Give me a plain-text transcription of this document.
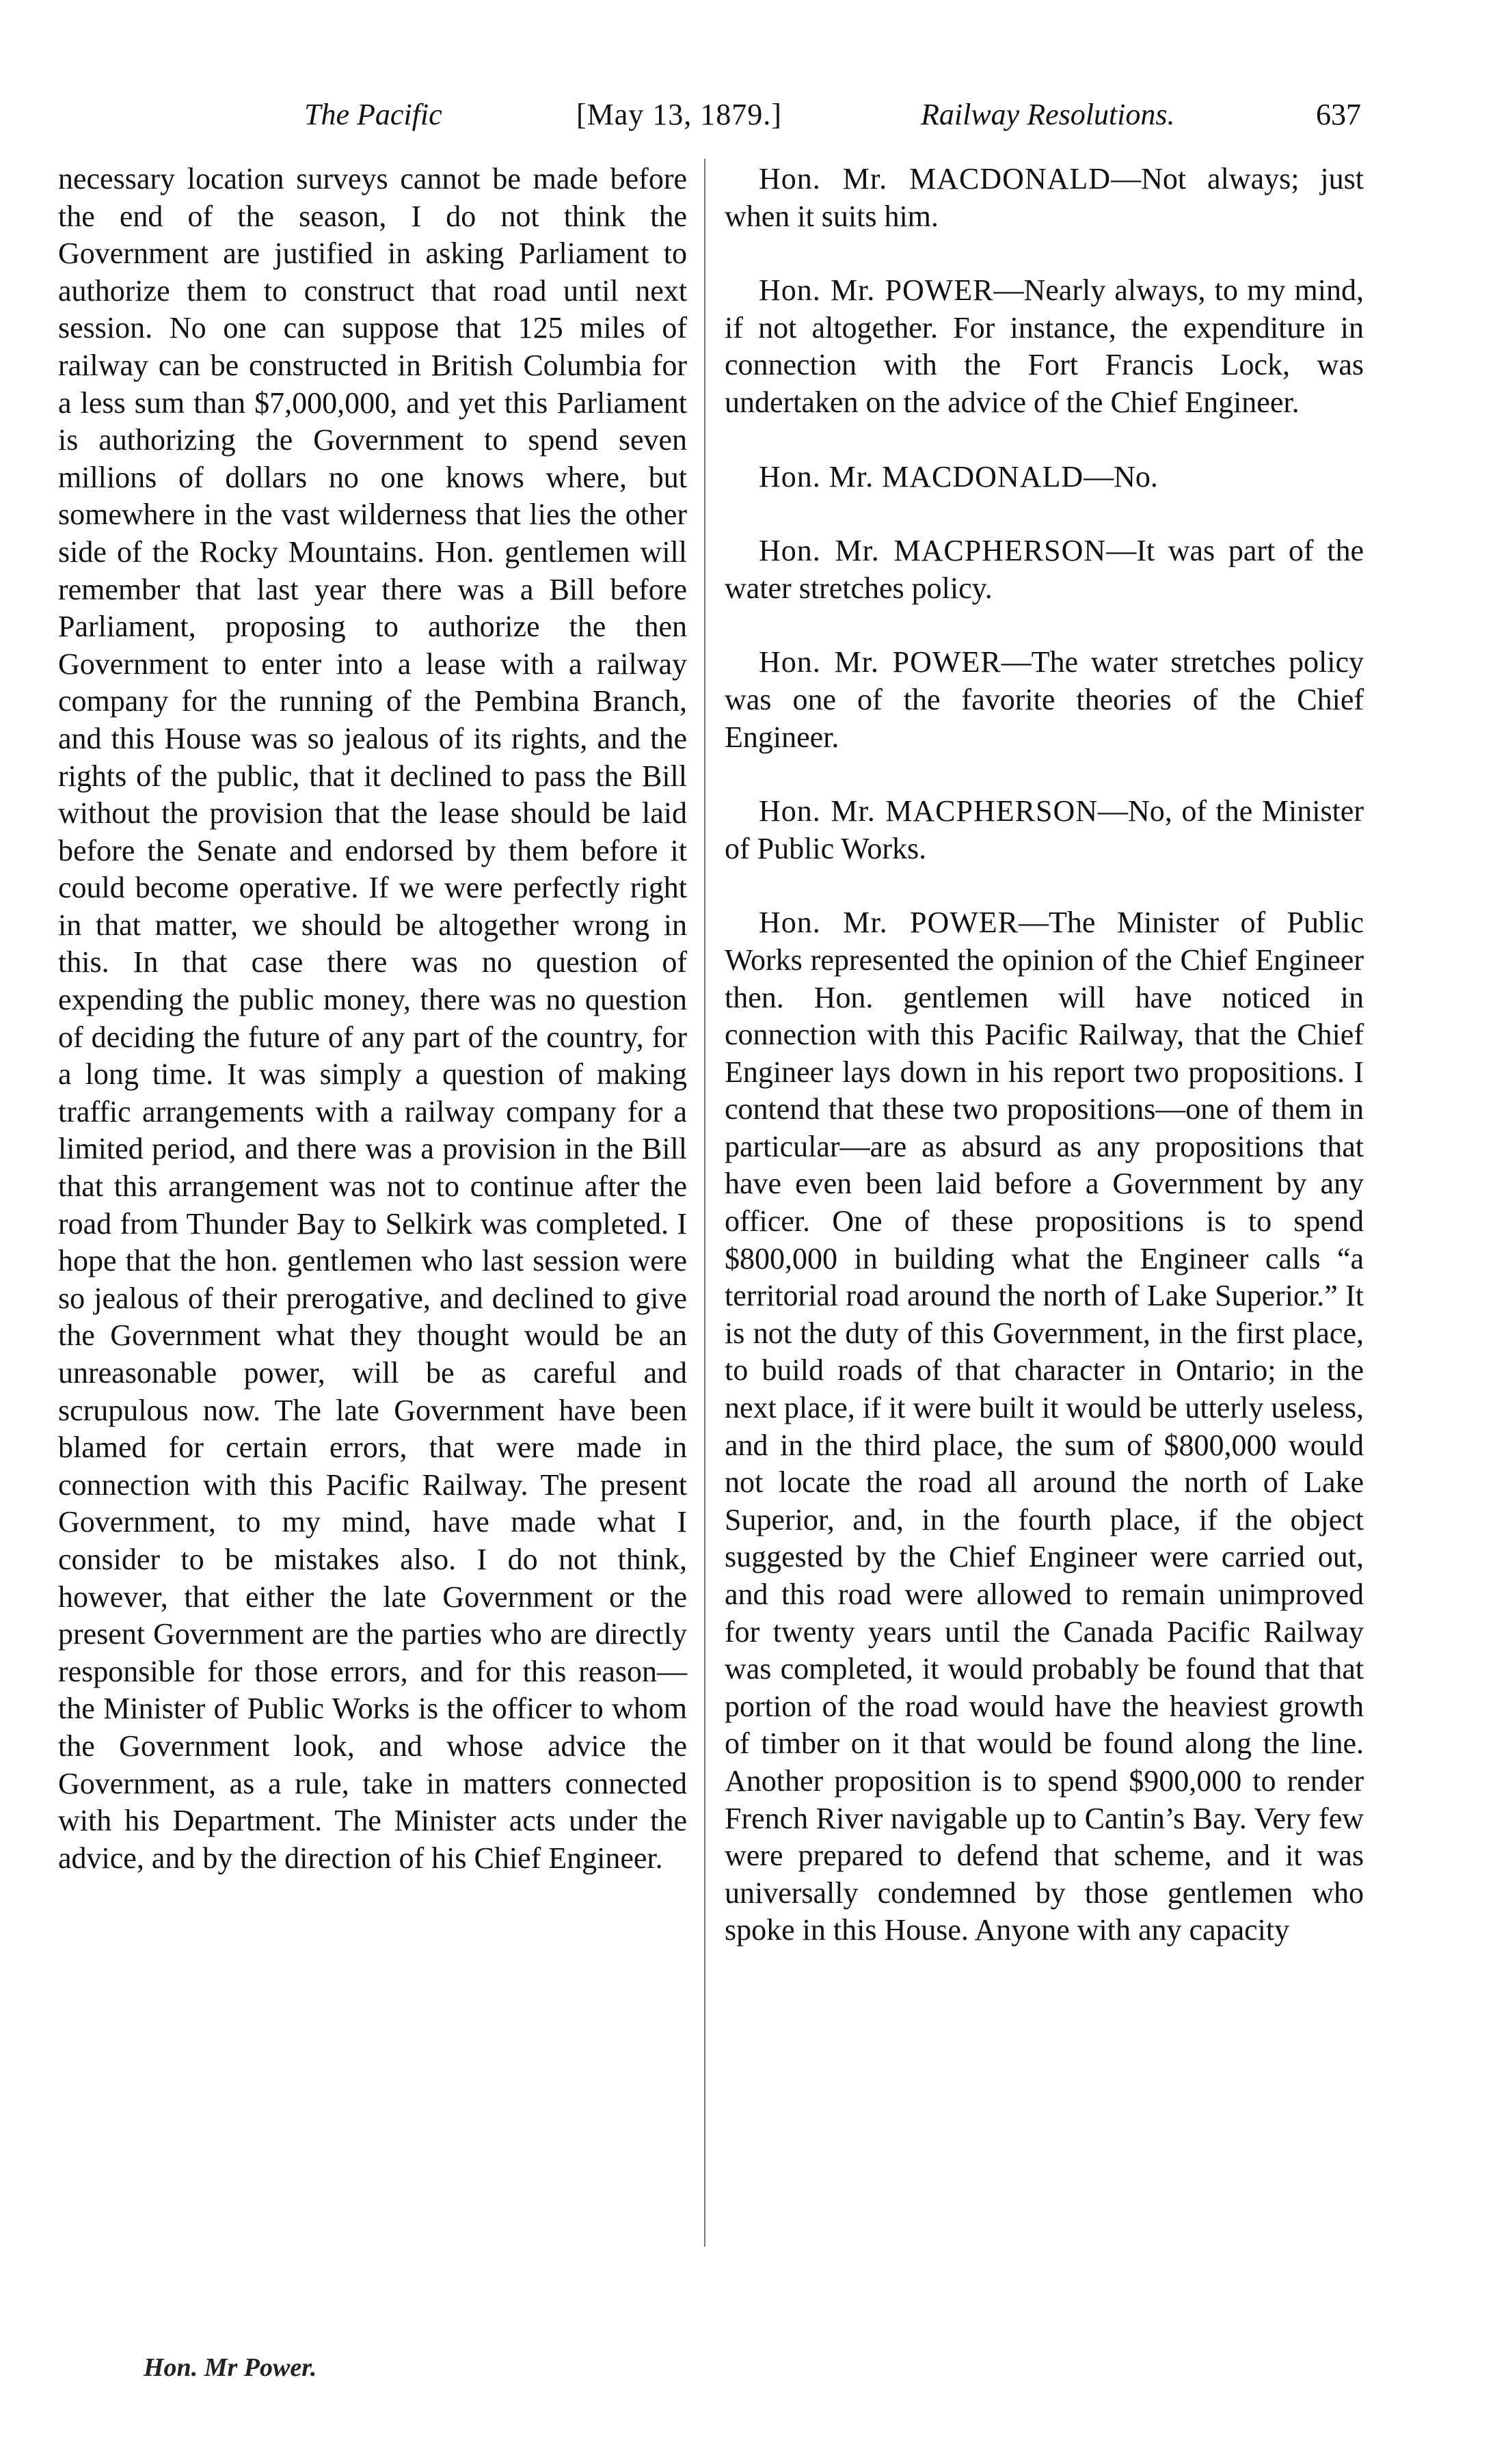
The Pacific	[May 13, 1879.]	Railway Resolutions.	637

necessary location surveys cannot be made before the end of the season, I do not think the Government are justified in asking Parliament to authorize them to construct that road until next session. No one can suppose that 125 miles of railway can be constructed in British Columbia for a less sum than $7,000,000, and yet this Parliament is authorizing the Government to spend seven millions of dollars no one knows where, but somewhere in the vast wilderness that lies the other side of the Rocky Mountains. Hon. gentlemen will remember that last year there was a Bill before Parliament, proposing to authorize the then Government to enter into a lease with a railway company for the running of the Pembina Branch, and this House was so jealous of its rights, and the rights of the public, that it declined to pass the Bill without the provision that the lease should be laid before the Senate and endorsed by them before it could become operative. If we were perfectly right in that matter, we should be altogether wrong in this. In that case there was no question of expending the public money, there was no question of deciding the future of any part of the country, for a long time. It was simply a question of making traffic arrangements with a railway company for a limited period, and there was a provision in the Bill that this arrangement was not to continue after the road from Thunder Bay to Selkirk was completed. I hope that the hon. gentlemen who last session were so jealous of their prerogative, and declined to give the Government what they thought would be an unreasonable power, will be as careful and scrupulous now. The late Government have been blamed for certain errors, that were made in connection with this Pacific Railway. The present Government, to my mind, have made what I consider to be mistakes also. I do not think, however, that either the late Government or the present Government are the parties who are directly responsible for those errors, and for this reason—the Minister of Public Works is the officer to whom the Government look, and whose advice the Government, as a rule, take in matters connected with his Department. The Minister acts under the advice, and by the direction of his Chief Engineer.

Hon. Mr. MACDONALD—Not always; just when it suits him.

Hon. Mr. POWER—Nearly always, to my mind, if not altogether. For instance, the expenditure in connection with the Fort Francis Lock, was undertaken on the advice of the Chief Engineer.

Hon. Mr. MACDONALD—No.

Hon. Mr. MACPHERSON—It was part of the water stretches policy.

Hon. Mr. POWER—The water stretches policy was one of the favorite theories of the Chief Engineer.

Hon. Mr. MACPHERSON—No, of the Minister of Public Works.

Hon. Mr. POWER—The Minister of Public Works represented the opinion of the Chief Engineer then. Hon. gentlemen will have noticed in connection with this Pacific Railway, that the Chief Engineer lays down in his report two propositions. I contend that these two propositions—one of them in particular—are as absurd as any propositions that have even been laid before a Government by any officer. One of these propositions is to spend $800,000 in building what the Engineer calls “a territorial road around the north of Lake Superior.” It is not the duty of this Government, in the first place, to build roads of that character in Ontario; in the next place, if it were built it would be utterly useless, and in the third place, the sum of $800,000 would not locate the road all around the north of Lake Superior, and, in the fourth place, if the object suggested by the Chief Engineer were carried out, and this road were allowed to remain unimproved for twenty years until the Canada Pacific Railway was completed, it would probably be found that that portion of the road would have the heaviest growth of timber on it that would be found along the line. Another proposition is to spend $900,000 to render French River navigable up to Cantin’s Bay. Very few were prepared to defend that scheme, and it was universally condemned by those gentlemen who spoke in this House. Anyone with any capacity

Hon. Mr Power.
